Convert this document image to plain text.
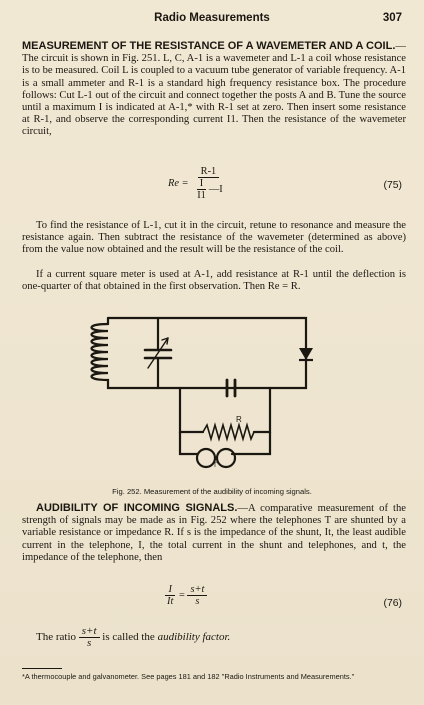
Radio Measurements	307
MEASUREMENT OF THE RESISTANCE OF A WAVEMETER AND A COIL.—The circuit is shown in Fig. 251. L, C, A-1 is a wavemeter and L-1 a coil whose resistance is to be measured. Coil L is coupled to a vacuum tube generator of variable frequency. A-1 is a small ammeter and R-1 is a standard high frequency resistance box. The procedure follows: Cut L-1 out of the circuit and connect together the posts A and B. Tune the source until a maximum I is indicated at A-1,* with R-1 set at zero. Then insert some resistance at R-1, and observe the corresponding current I1. Then the resistance of the wavemeter circuit,
$Re = \frac{R-1}{\frac{I}{I1} —I}$	(75)
To find the resistance of L-1, cut it in the circuit, retune to resonance and measure the resistance again. Then subtract the resistance of the wavemeter (determined as above) from the value now obtained and the result will be the resistance of the coil.
If a current square meter is used at A-1, add resistance at R-1 until the deflection is one-quarter of that obtained in the first observation. Then Re = R.
R
T
Fig. 252. Measurement of the audibility of incoming signals.
AUDIBILITY OF INCOMING SIGNALS.—A comparative measurement of the strength of signals may be made as in Fig. 252 where the telephones T are shunted by a variable resistance or impedance R. If s is the impedance of the shunt, It, the least audible current in the telephone, I, the total current in the shunt and telephones, and t, the impedance of the telephone, then
$\frac{I}{It} = \frac{s+t}{s}$	(76)
The ratio $\frac{s+t}{s}$ is called the audibility factor.
*A thermocouple and galvanometer. See pages 181 and 182 "Radio Instruments and Measurements."
